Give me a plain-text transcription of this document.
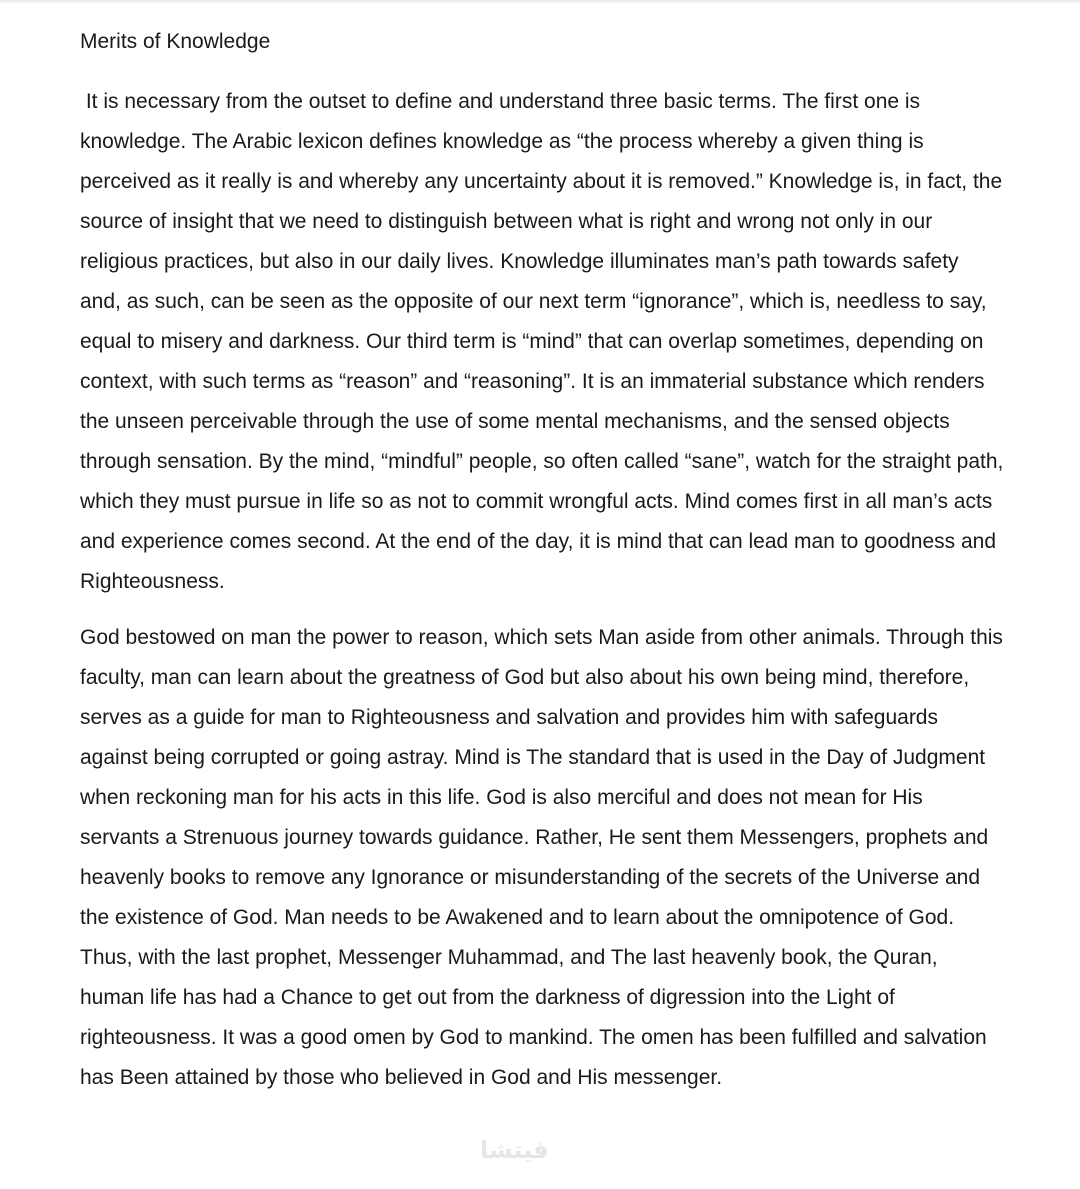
Merits of Knowledge

It is necessary from the outset to define and understand three basic terms. The first one is knowledge. The Arabic lexicon defines knowledge as “the process whereby a given thing is perceived as it really is and whereby any uncertainty about it is removed.” Knowledge is, in fact, the source of insight that we need to distinguish between what is right and wrong not only in our religious practices, but also in our daily lives. Knowledge illuminates man’s path towards safety and, as such, can be seen as the opposite of our next term “ignorance”, which is, needless to say, equal to misery and darkness. Our third term is “mind” that can overlap sometimes, depending on context, with such terms as “reason” and “reasoning”. It is an immaterial substance which renders the unseen perceivable through the use of some mental mechanisms, and the sensed objects through sensation. By the mind, “mindful” people, so often called “sane”, watch for the straight path, which they must pursue in life so as not to commit wrongful acts. Mind comes first in all man’s acts and experience comes second. At the end of the day, it is mind that can lead man to goodness and Righteousness.

God bestowed on man the power to reason, which sets Man aside from other animals. Through this faculty, man can learn about the greatness of God but also about his own being mind, therefore, serves as a guide for man to Righteousness and salvation and provides him with safeguards against being corrupted or going astray. Mind is The standard that is used in the Day of Judgment when reckoning man for his acts in this life. God is also merciful and does not mean for His servants a Strenuous journey towards guidance. Rather, He sent them Messengers, prophets and heavenly books to remove any Ignorance or misunderstanding of the secrets of the Universe and the existence of God. Man needs to be Awakened and to learn about the omnipotence of God. Thus, with the last prophet, Messenger Muhammad, and The last heavenly book, the Quran, human life has had a Chance to get out from the darkness of digression into the Light of righteousness. It was a good omen by God to mankind. The omen has been fulfilled and salvation has Been attained by those who believed in God and His messenger.

فيتشا
